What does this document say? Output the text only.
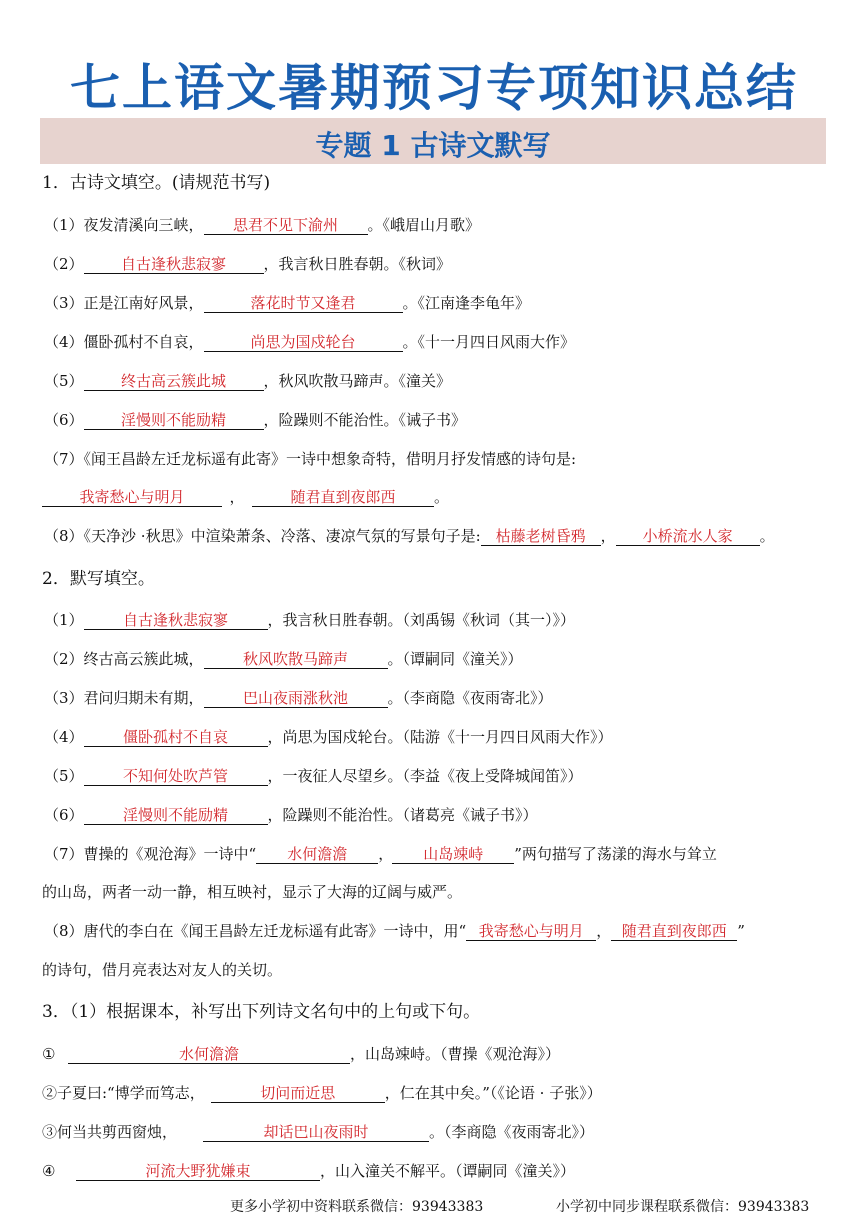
七上语文暑期预习专项知识总结
专题 1 古诗文默写
1．古诗文填空。(请规范书写)
（1）夜发清溪向三峡， 思君不见下渝州 。《峨眉山月歌》
（2） 自古逢秋悲寂寥	，我言秋日胜春朝。《秋词》
（3）正是江南好风景，	落花时节又逢君	。《江南逢李龟年》
（4）僵卧孤村不自哀，	尚思为国戍轮台	。《十一月四日风雨大作》
（5） 终古高云簇此城	，秋风吹散马蹄声。《潼关》
（6） 淫慢则不能励精	，险躁则不能治性。《诫子书》
（7）《闻王昌龄左迁龙标遥有此寄》一诗中想象奇特，借明月抒发情感的诗句是:
我寄愁心与明月	，	随君直到夜郎西	。
（8）《天净沙 ·秋思》中渲染萧条、冷落、凄凉气氛的写景句子是: 枯藤老树昏鸦 ， 小桥流水人家 。
2．默写填空。
（1）	自古逢秋悲寂寥	，我言秋日胜春朝。（刘禹锡《秋词（其一）》）
（2）终古高云簇此城，	秋风吹散马蹄声	。（谭嗣同《潼关》）
（3）君问归期未有期，	巴山夜雨涨秋池	。（李商隐《夜雨寄北》）
（4）	僵卧孤村不自哀	，尚思为国戍轮台。（陆游《十一月四日风雨大作》）
（5）	不知何处吹芦管	，一夜征人尽望乡。（李益《夜上受降城闻笛》）
（6）	淫慢则不能励精	，险躁则不能治性。（诸葛亮《诫子书》）
（7）曹操的《观沧海》一诗中“ 水何澹澹 ， 山岛竦峙 ”两句描写了荡漾的海水与耸立
的山岛，两者一动一静，相互映衬，显示了大海的辽阔与威严。
（8）唐代的李白在《闻王昌龄左迁龙标遥有此寄》一诗中，用“ 我寄愁心与明月 ， 随君直到夜郎西 ”
的诗句，借月亮表达对友人的关切。
3．（1）根据课本，补写出下列诗文名句中的上句或下句。
①	水何澹澹	，山岛竦峙。（曹操《观沧海》）
②子夏曰:“博学而笃志，	切问而近思	，仁在其中矣。”（《论语 · 子张》）
③何当共剪西窗烛，	却话巴山夜雨时	。（李商隐《夜雨寄北》）
④	河流大野犹嫌束	，山入潼关不解平。（谭嗣同《潼关》）
更多小学初中资料联系微信：93943383	小学初中同步课程联系微信：93943383
